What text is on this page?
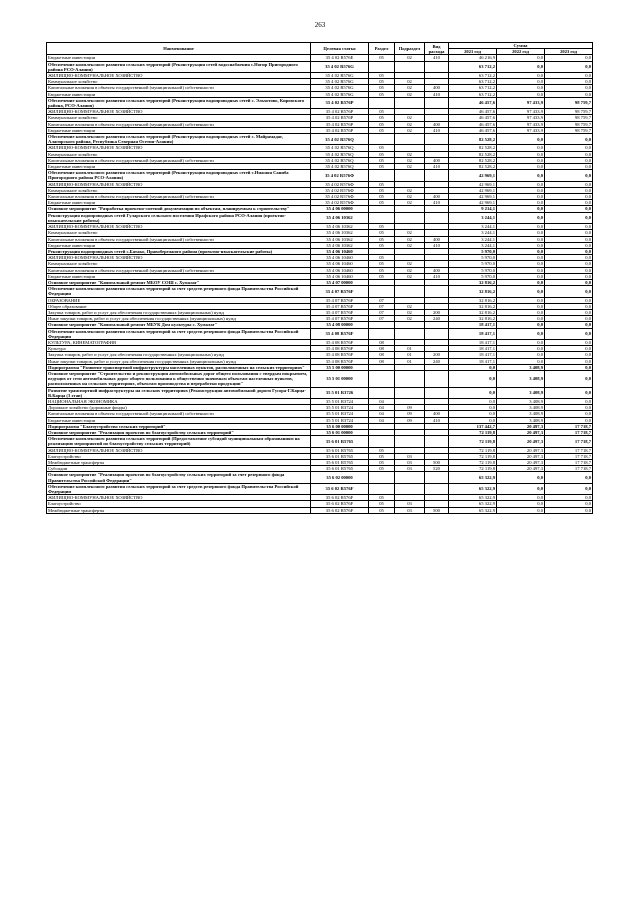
263
Наименование	Целевая статья	Раздел	Подраздел	Вид расхода	Сумма		
					2021 год	2022 год	2023 год
Бюджетные инвестиции	35 4 02 R576E	05	02	410	46 216,9	0,0	0,0
Обеспечение комплексного развития сельских территорий (Реконструкция сетей водоснабжения с.Ногир Пригородного района РСО-Алания)	35 4 02 R576G				63 712,2	0,0	0,0
ЖИЛИЩНО-КОММУНАЛЬНОЕ ХОЗЯЙСТВО	35 4 02 R576G	05			63 712,2	0,0	0,0
Коммунальное хозяйство	35 4 02 R576G	05	02		63 712,2	0,0	0,0
Капитальные вложения в объекты государственной (муниципальной) собственности	35 4 02 R576G	05	02	400	63 712,2	0,0	0,0
Бюджетные инвестиции	35 4 02 R576G	05	02	410	63 712,2	0,0	0,0
Обеспечение комплексного развития сельских территорий (Реконструкция водопроводных сетей с. Эльхотово, Кировского района, РСО-Алания)	35 4 02 R576P				46 457,6	97 433,9	98 759,7
ЖИЛИЩНО-КОММУНАЛЬНОЕ ХОЗЯЙСТВО	35 4 02 R576P	05			46 457,6	97 433,9	98 759,7
Коммунальное хозяйство	35 4 02 R576P	05	02		46 457,6	97 433,9	98 759,7
Капитальные вложения в объекты государственной (муниципальной) собственности	35 4 02 R576P	05	02	400	46 457,6	97 433,9	98 759,7
Бюджетные инвестиции	35 4 02 R576P	05	02	410	46 457,6	97 433,9	98 759,7
Обеспечение комплексного развития сельских территорий (Реконструкция водопроводных сетей с. Майрамадаг, Алагирского района, Республика Северная Осетия-Алания)	35 4 02 R576Q				82 528,2	0,0	0,0
ЖИЛИЩНО-КОММУНАЛЬНОЕ ХОЗЯЙСТВО	35 4 02 R576Q	05			82 528,2	0,0	0,0
Коммунальное хозяйство	35 4 02 R576Q	05	02		82 528,2	0,0	0,0
Капитальные вложения в объекты государственной (муниципальной) собственности	35 4 02 R576Q	05	02	400	82 528,2	0,0	0,0
Бюджетные инвестиции	35 4 02 R576Q	05	02	410	82 528,2	0,0	0,0
Обеспечение комплексного развития сельских территорий (Реконструкция водопроводных сетей с.Нижняя Саниба Пригородного района РСО-Алания)	35 4 02 R576Ф				42 969,1	0,0	0,0
ЖИЛИЩНО-КОММУНАЛЬНОЕ ХОЗЯЙСТВО	35 4 02 R576Ф	05			42 969,1	0,0	0,0
Коммунальное хозяйство	35 4 02 R576Ф	05	02		42 969,1	0,0	0,0
Капитальные вложения в объекты государственной (муниципальной) собственности	35 4 02 R576Ф	05	02	400	42 969,1	0,0	0,0
Бюджетные инвестиции	35 4 02 R576Ф	05	02	410	42 969,1	0,0	0,0
Основное мероприятие "Разработка проектно-сметной документации по объектам, планируемым к строительству"	35 4 06 00000				9 214,1	0,0	0,0
Реконструкция водопроводных сетей Гуларского сельского поселения Ирафского района РСО-Алания (проектно-изыскательские работы)	35 4 06 10362				3 244,1	0,0	0,0
ЖИЛИЩНО-КОММУНАЛЬНОЕ ХОЗЯЙСТВО	35 4 06 10362	05			3 244,1	0,0	0,0
Коммунальное хозяйство	35 4 06 10362	05	02		3 244,1	0,0	0,0
Капитальные вложения в объекты государственной (муниципальной) собственности	35 4 06 10362	05	02	400	3 244,1	0,0	0,0
Бюджетные инвестиции	35 4 06 10362	05	02	410	3 244,1	0,0	0,0
Реконструкция водопроводных сетей с.Батако, Правобережного района (проектно-изыскательские работы)	35 4 06 10460				5 970,0	0,0	0,0
ЖИЛИЩНО-КОММУНАЛЬНОЕ ХОЗЯЙСТВО	35 4 06 10460	05			5 970,0	0,0	0,0
Коммунальное хозяйство	35 4 06 10460	05	02		5 970,0	0,0	0,0
Капитальные вложения в объекты государственной (муниципальной) собственности	35 4 06 10460	05	02	400	5 970,0	0,0	0,0
Бюджетные инвестиции	35 4 06 10460	05	02	410	5 970,0	0,0	0,0
Основное мероприятие "Капитальный ремонт МБОУ СОШ с. Хумалаг"	35 4 07 00000				32 816,2	0,0	0,0
Обеспечение комплексного развития сельских территорий за счет средств резервного фонда Правительства Российской Федерации	35 4 07 R576F				32 816,2	0,0	0,0
ОБРАЗОВАНИЕ	35 4 07 R576F	07			32 816,2	0,0	0,0
Общее образование	35 4 07 R576F	07	02		32 816,2	0,0	0,0
Закупка товаров, работ и услуг для обеспечения государственных (муниципальных) нужд	35 4 07 R576F	07	02	200	32 816,2	0,0	0,0
Иные закупки товаров, работ и услуг для обеспечения государственных (муниципальных) нужд	35 4 07 R576F	07	02	240	32 816,2	0,0	0,0
Основное мероприятие "Капитальный ремонт МБУК Дом культуры с. Хумалаг"	35 4 08 00000				18 417,1	0,0	0,0
Обеспечение комплексного развития сельских территорий за счет средств резервного фонда Правительства Российской Федерации	35 4 08 R576F				18 417,1	0,0	0,0
КУЛЬТУРА, КИНЕМАТОГРАФИЯ	35 4 08 R576F	08			18 417,1	0,0	0,0
Культура	35 4 08 R576F	08	01		18 417,1	0,0	0,0
Закупка товаров, работ и услуг для обеспечения государственных (муниципальных) нужд	35 4 08 R576F	08	01	200	18 417,1	0,0	0,0
Иные закупки товаров, работ и услуг для обеспечения государственных (муниципальных) нужд	35 4 08 R576F	08	01	240	18 417,1	0,0	0,0
Подпрограмма "Развитие транспортной инфраструктуры населенных пунктов, расположенных на сельских территориях"	35 5 00 00000				0,0	3 408,9	0,0
Основное мероприятие "Строительство и реконструкция автомобильных дорог общего пользования с твердым покрытием, ведущих от сети автомобильных дорог общего пользования к общественно значимым объектам населенных пунктов, расположенных на сельских территориях, объектам производства и переработки продукции"	35 5 01 00000				0,0	3 408,9	0,0
Развитие транспортной инфраструктуры на сельских территориях (Реконструкция автомобильной дороги Гусора-Г.Карца-В.Карца (3 этап)	35 5 01 R3726				0,0	3 408,9	0,0
НАЦИОНАЛЬНАЯ ЭКОНОМИКА	35 5 01 R3724	04			0,0	3 408,9	0,0
Дорожное хозяйство (дорожные фонды)	35 5 01 R3724	04	09		0,0	3 408,9	0,0
Капитальные вложения в объекты государственной (муниципальной) собственности	35 5 01 R3724	04	09	400	0,0	3 408,9	0,0
Бюджетные инвестиции	35 5 01 R3724	04	09	410	0,0	3 408,9	0,0
Подпрограмма "Благоустройство сельских территорий"	35 6 00 00000				137 442,7	20 497,3	17 718,7
Основное мероприятие "Реализация проектов по благоустройству сельских территорий"	35 6 01 00000				72 119,8	20 497,3	17 718,7
Обеспечение комплексного развития сельских территорий (Предоставление субсидий муниципальным образованиям на реализацию мероприятий по благоустройству сельских территорий)	35 6 01 R5765				72 119,8	20 497,3	17 718,7
ЖИЛИЩНО-КОММУНАЛЬНОЕ ХОЗЯЙСТВО	35 6 01 R5765	05			72 119,8	20 497,3	17 718,7
Благоустройство	35 6 01 R5765	05	03		72 119,8	20 497,3	17 718,7
Межбюджетные трансферты	35 6 01 R5765	05	03	500	72 119,8	20 497,3	17 718,7
Субсидии	35 6 01 R5765	05	03	520	72 119,8	20 497,3	17 718,7
Основное мероприятие "Реализация проектов по благоустройству сельских территорий за счет резервного фонда Правительства Российской Федерации"	35 6 02 00000				65 322,9	0,0	0,0
Обеспечение комплексного развития сельских территорий за счет средств резервного фонда Правительства Российской Федерации	35 6 02 R576F				65 322,9	0,0	0,0
ЖИЛИЩНО-КОММУНАЛЬНОЕ ХОЗЯЙСТВО	35 6 02 R576F	05			65 322,9	0,0	0,0
Благоустройство	35 6 02 R576F	05	03		65 322,9	0,0	0,0
Межбюджетные трансферты	35 6 02 R576F	05	03	500	65 322,9	0,0	0,0
